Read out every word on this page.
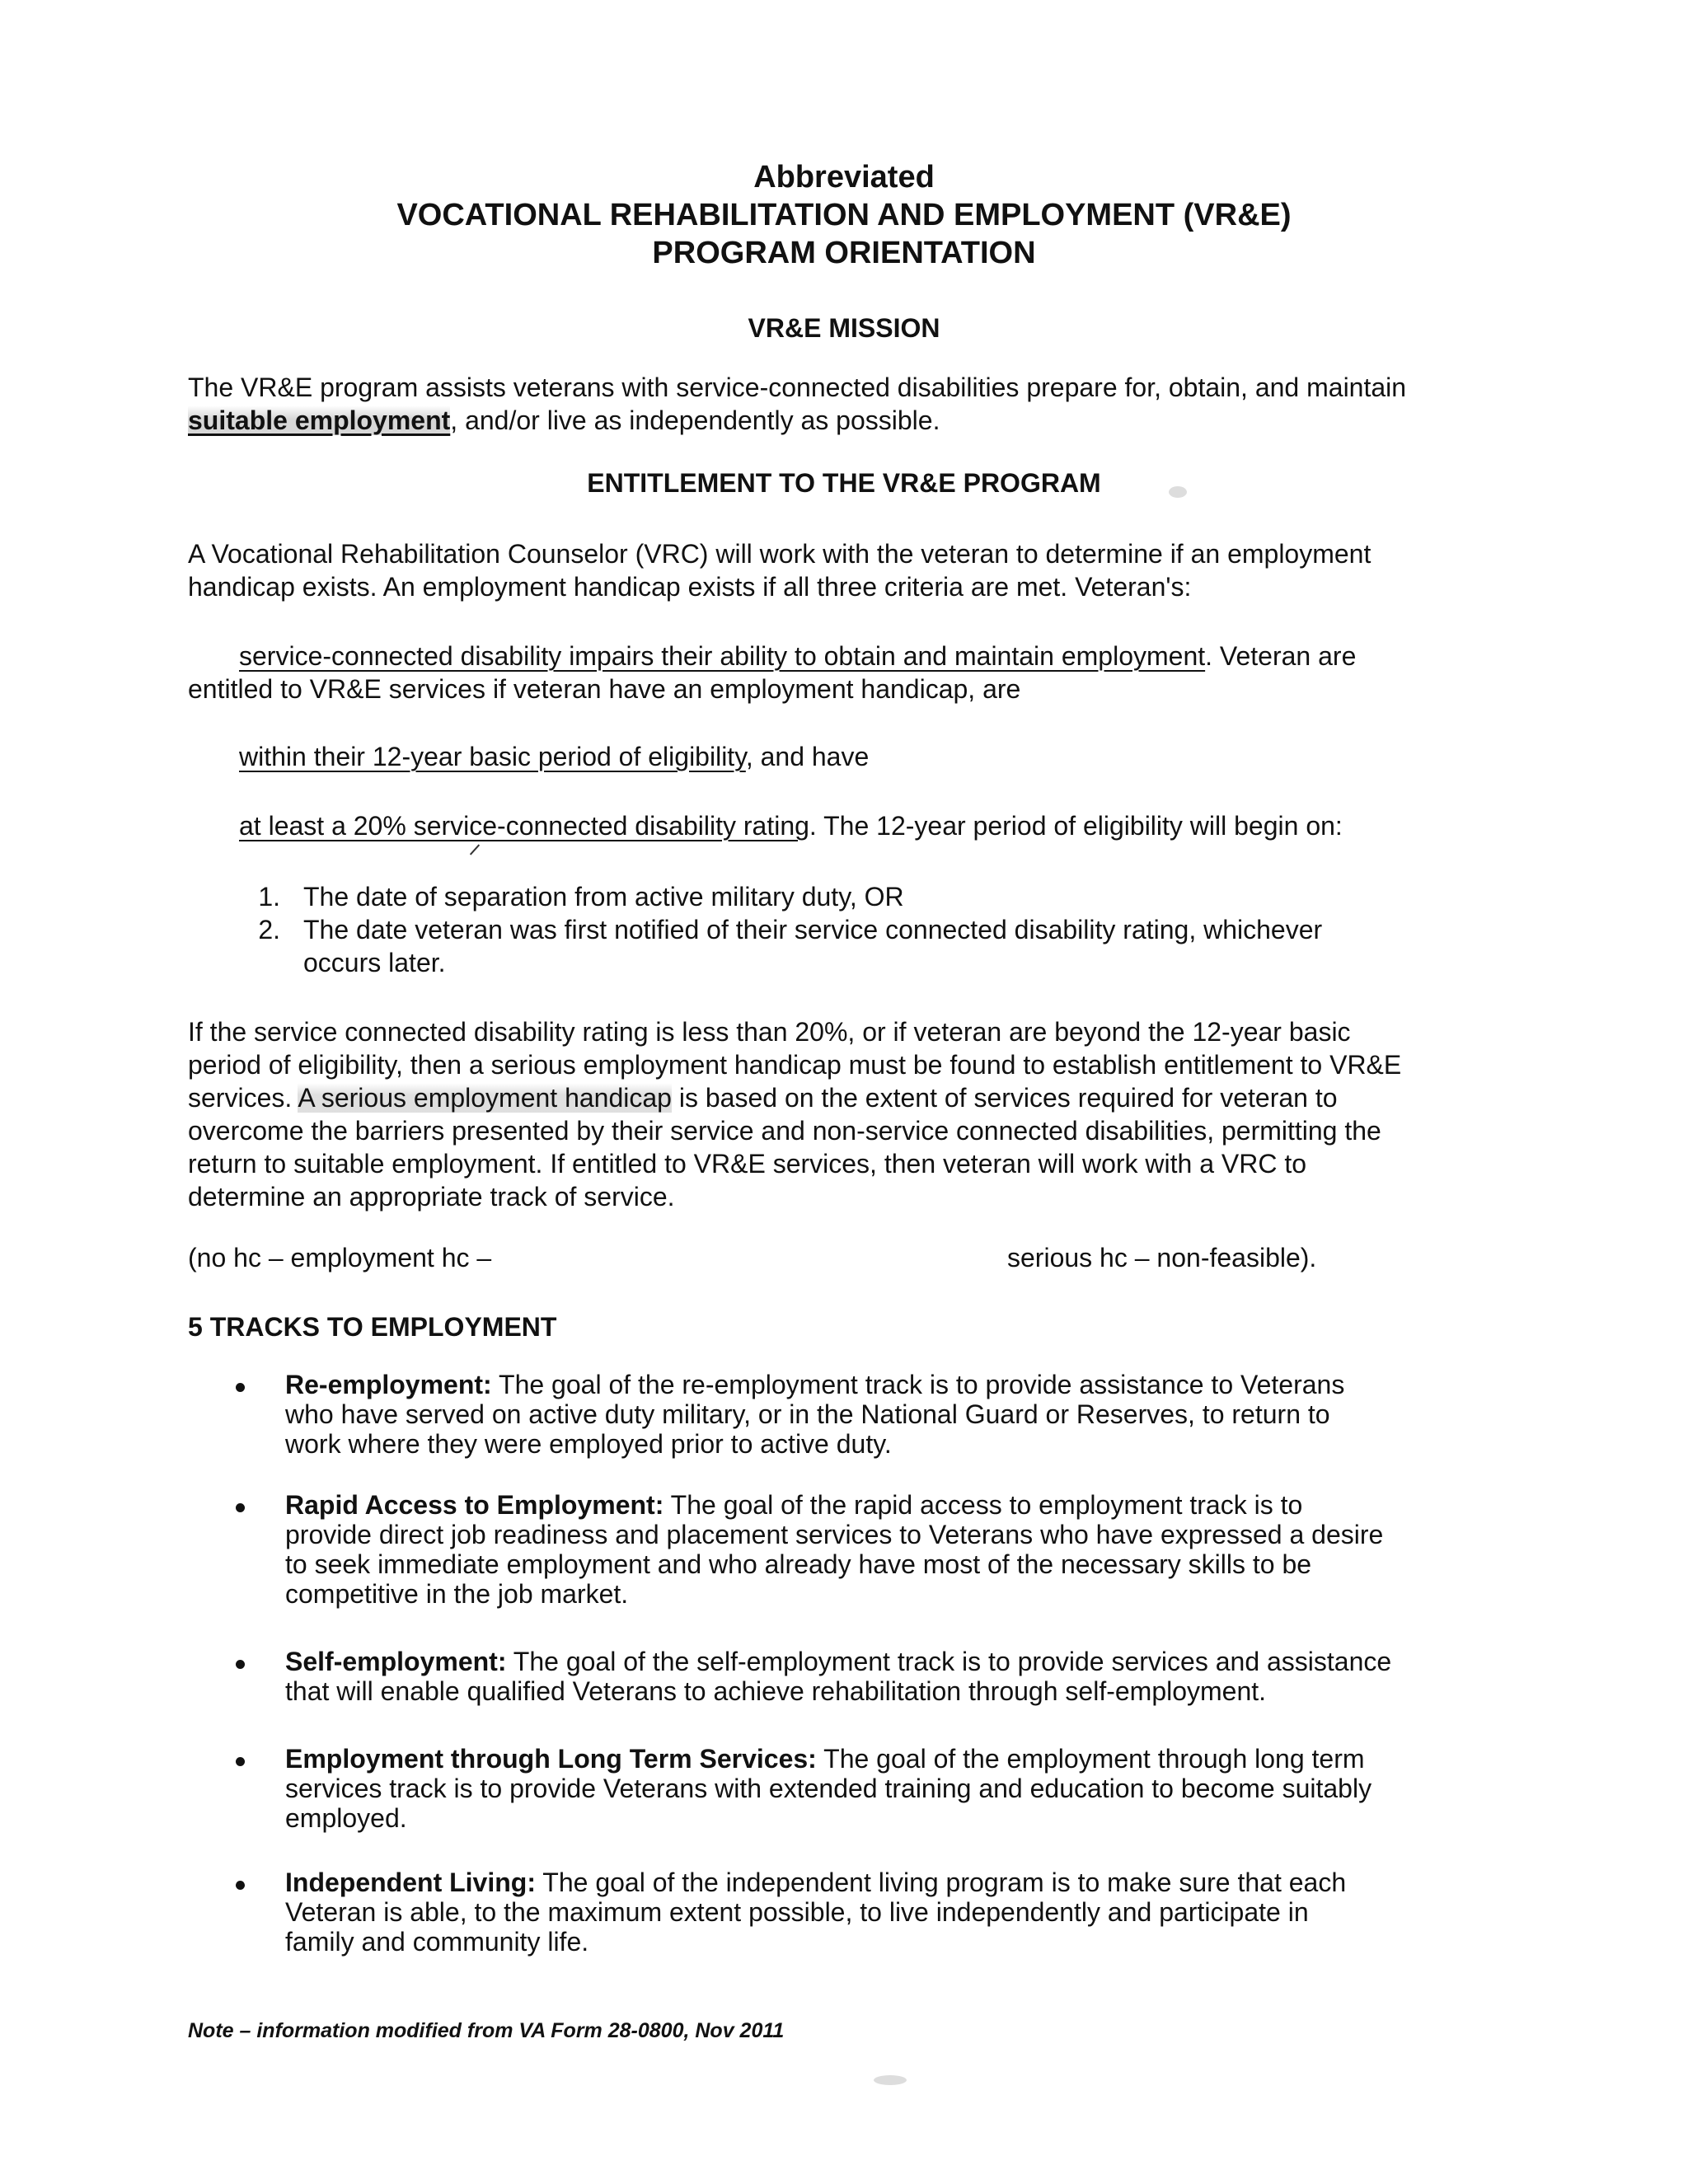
Abbreviated
VOCATIONAL REHABILITATION AND EMPLOYMENT (VR&E)
PROGRAM ORIENTATION
VR&E MISSION
The VR&E program assists veterans with service-connected disabilities prepare for, obtain, and maintain
suitable employment, and/or live as independently as possible.
ENTITLEMENT TO THE VR&E PROGRAM
A Vocational Rehabilitation Counselor (VRC) will work with the veteran to determine if an employment
handicap exists. An employment handicap exists if all three criteria are met. Veteran's:
service-connected disability impairs their ability to obtain and maintain employment. Veteran are
entitled to VR&E services if veteran have an employment handicap, are
within their 12-year basic period of eligibility, and have
at least a 20% service-connected disability rating. The 12-year period of eligibility will begin on:
1. The date of separation from active military duty, OR
2. The date veteran was first notified of their service connected disability rating, whichever
occurs later.
If the service connected disability rating is less than 20%, or if veteran are beyond the 12-year basic
period of eligibility, then a serious employment handicap must be found to establish entitlement to VR&E
services. A serious employment handicap is based on the extent of services required for veteran to
overcome the barriers presented by their service and non-service connected disabilities, permitting the
return to suitable employment. If entitled to VR&E services, then veteran will work with a VRC to
determine an appropriate track of service.
(no hc – employment hc –	serious hc – non-feasible).
5 TRACKS TO EMPLOYMENT
Re-employment: The goal of the re-employment track is to provide assistance to Veterans
who have served on active duty military, or in the National Guard or Reserves, to return to
work where they were employed prior to active duty.
Rapid Access to Employment: The goal of the rapid access to employment track is to
provide direct job readiness and placement services to Veterans who have expressed a desire
to seek immediate employment and who already have most of the necessary skills to be
competitive in the job market.
Self-employment: The goal of the self-employment track is to provide services and assistance
that will enable qualified Veterans to achieve rehabilitation through self-employment.
Employment through Long Term Services: The goal of the employment through long term
services track is to provide Veterans with extended training and education to become suitably
employed.
Independent Living: The goal of the independent living program is to make sure that each
Veteran is able, to the maximum extent possible, to live independently and participate in
family and community life.
Note – information modified from VA Form 28-0800, Nov 2011
